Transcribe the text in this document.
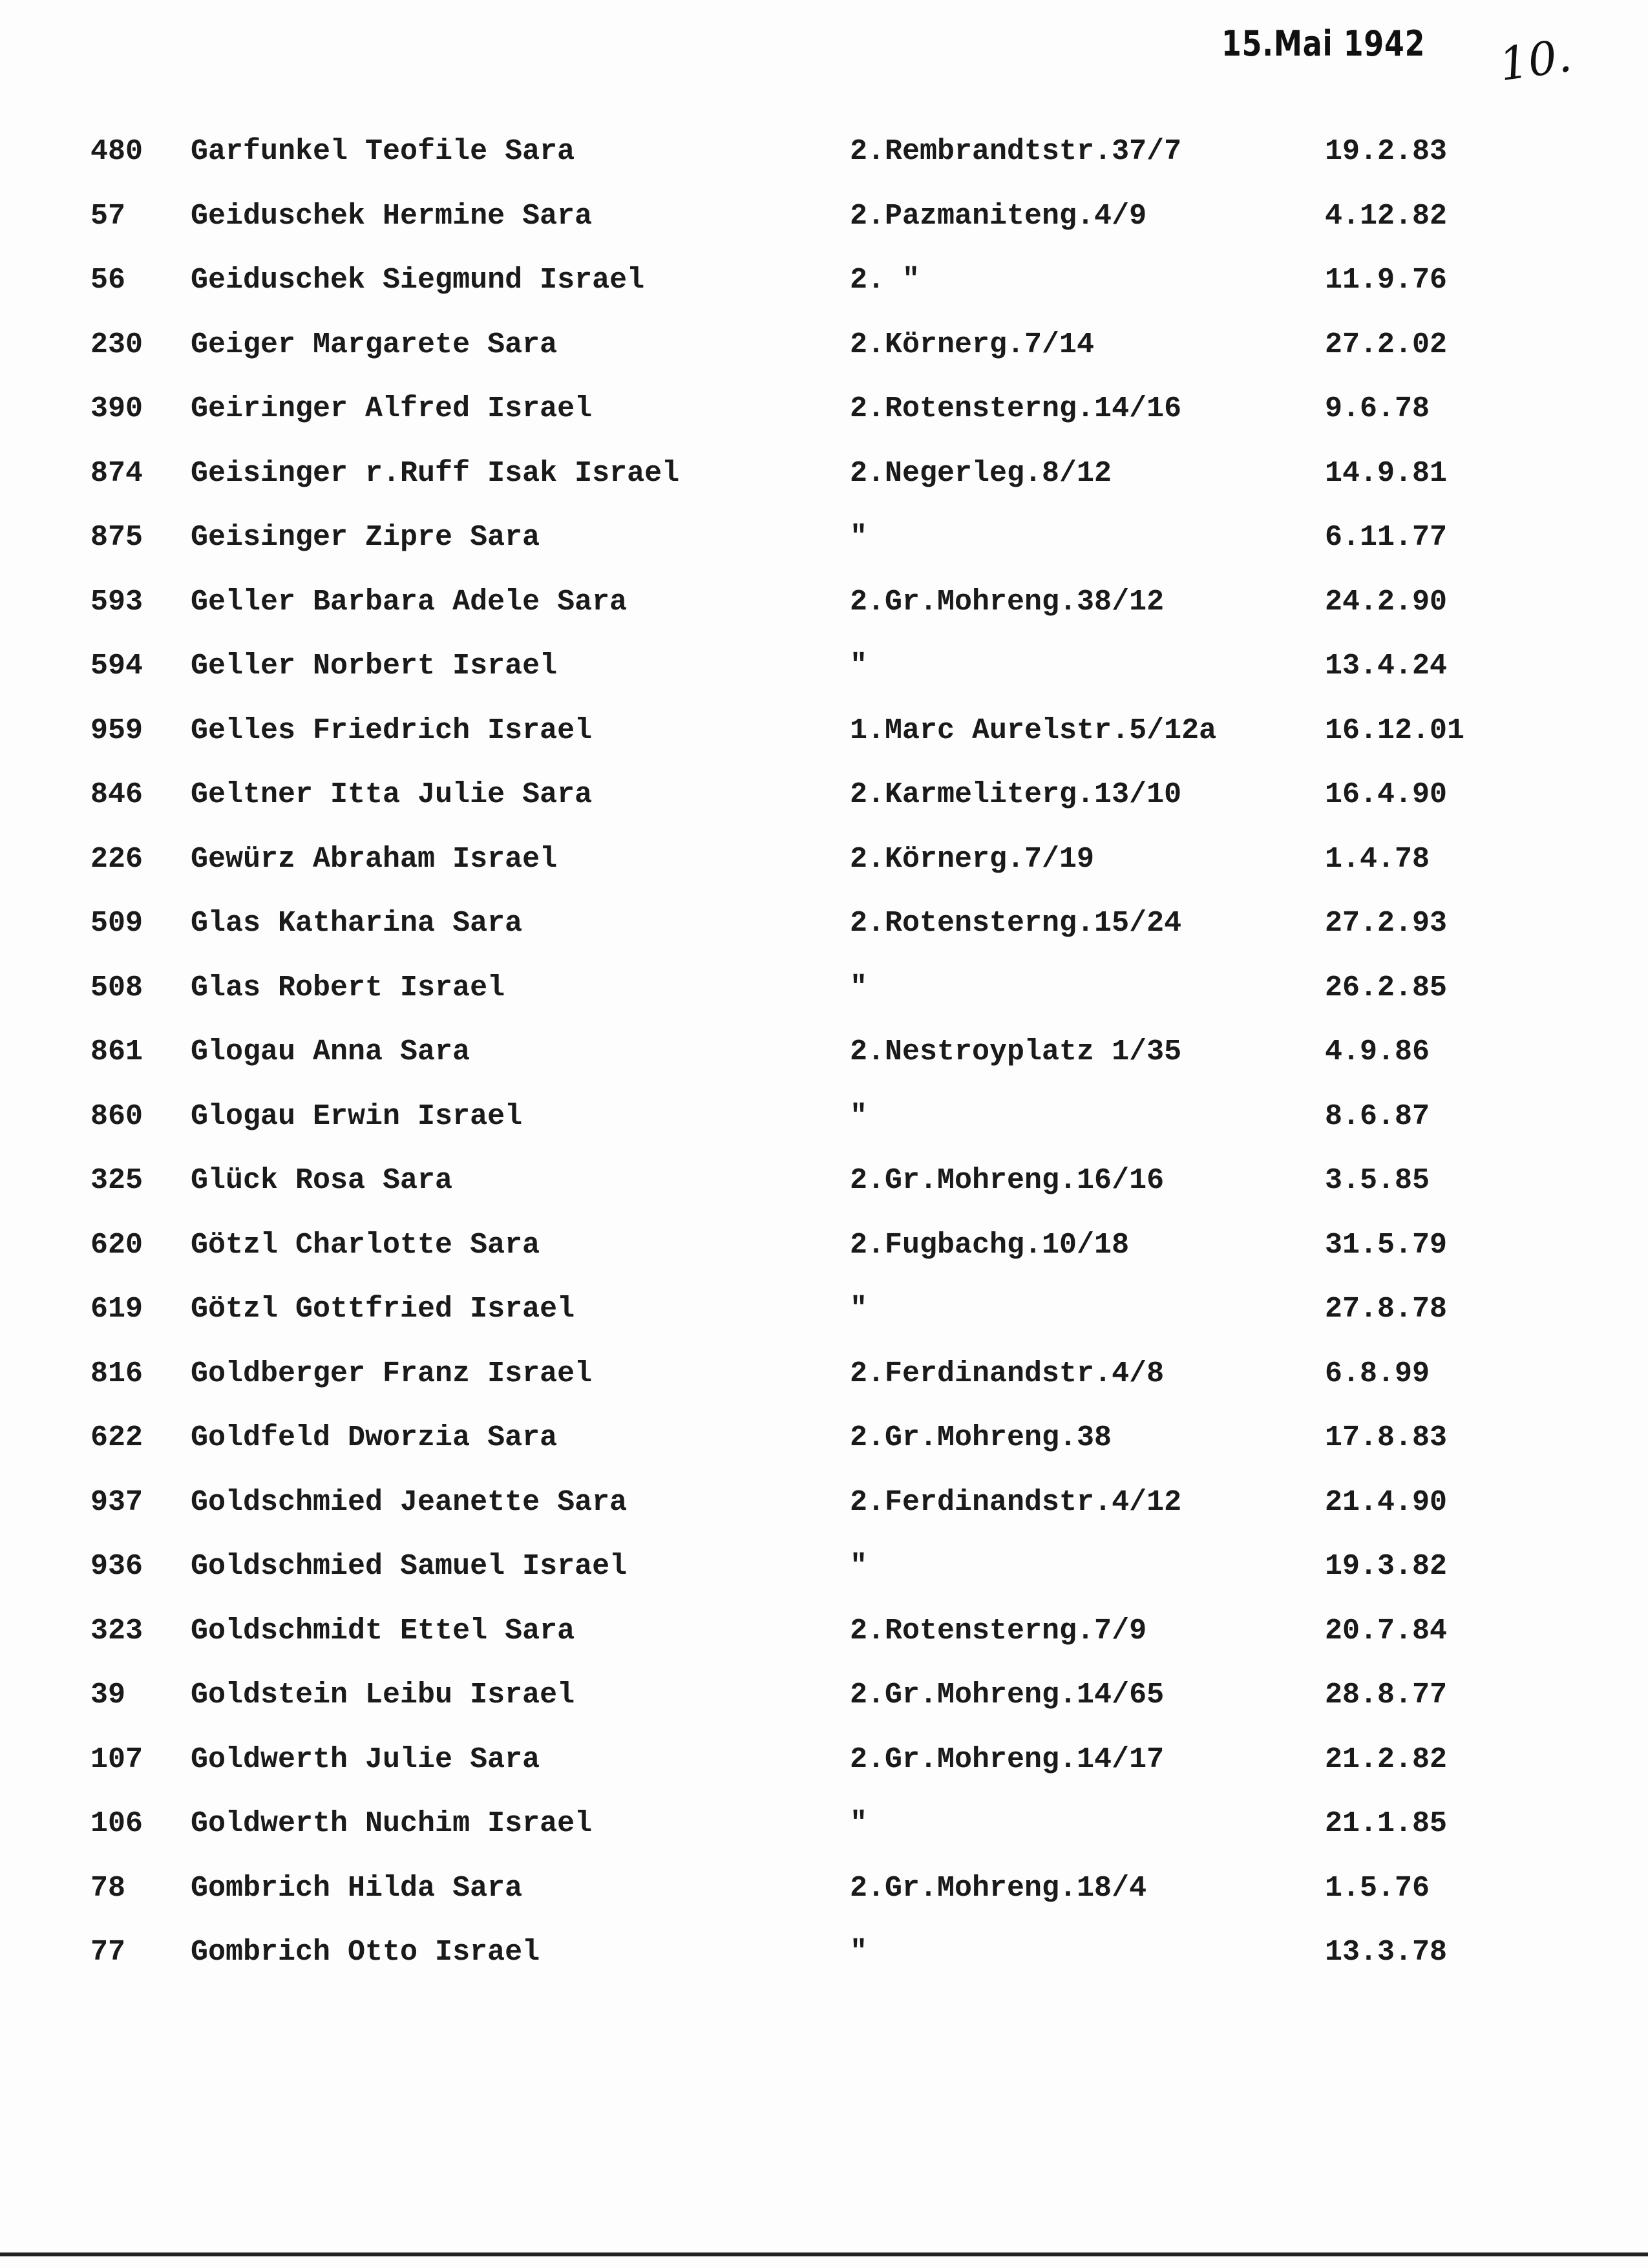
15.Mai 1942 10.
480	Garfunkel Teofile Sara	2.Rembrandtstr.37/7	19.2.83
57	Geiduschek Hermine Sara	2.Pazmaniteng.4/9	4.12.82
56	Geiduschek Siegmund Israel	2. "	11.9.76
230	Geiger Margarete Sara	2.Körnerg.7/14	27.2.02
390	Geiringer Alfred Israel	2.Rotensterng.14/16	9.6.78
874	Geisinger r.Ruff Isak Israel	2.Negerleg.8/12	14.9.81
875	Geisinger Zipre Sara	"	6.11.77
593	Geller Barbara Adele Sara	2.Gr.Mohreng.38/12	24.2.90
594	Geller Norbert Israel	"	13.4.24
959	Gelles Friedrich Israel	1.Marc Aurelstr.5/12a	16.12.01
846	Geltner Itta Julie Sara	2.Karmeliterg.13/10	16.4.90
226	Gewürz Abraham Israel	2.Körnerg.7/19	1.4.78
509	Glas Katharina Sara	2.Rotensterng.15/24	27.2.93
508	Glas Robert Israel	"	26.2.85
861	Glogau Anna Sara	2.Nestroyplatz 1/35	4.9.86
860	Glogau Erwin Israel	"	8.6.87
325	Glück Rosa Sara	2.Gr.Mohreng.16/16	3.5.85
620	Götzl Charlotte Sara	2.Fugbachg.10/18	31.5.79
619	Götzl Gottfried Israel	"	27.8.78
816	Goldberger Franz Israel	2.Ferdinandstr.4/8	6.8.99
622	Goldfeld Dworzia Sara	2.Gr.Mohreng.38	17.8.83
937	Goldschmied Jeanette Sara	2.Ferdinandstr.4/12	21.4.90
936	Goldschmied Samuel Israel	"	19.3.82
323	Goldschmidt Ettel Sara	2.Rotensterng.7/9	20.7.84
39	Goldstein Leibu Israel	2.Gr.Mohreng.14/65	28.8.77
107	Goldwerth Julie Sara	2.Gr.Mohreng.14/17	21.2.82
106	Goldwerth Nuchim Israel	"	21.1.85
78	Gombrich Hilda Sara	2.Gr.Mohreng.18/4	1.5.76
77	Gombrich Otto Israel	"	13.3.78
